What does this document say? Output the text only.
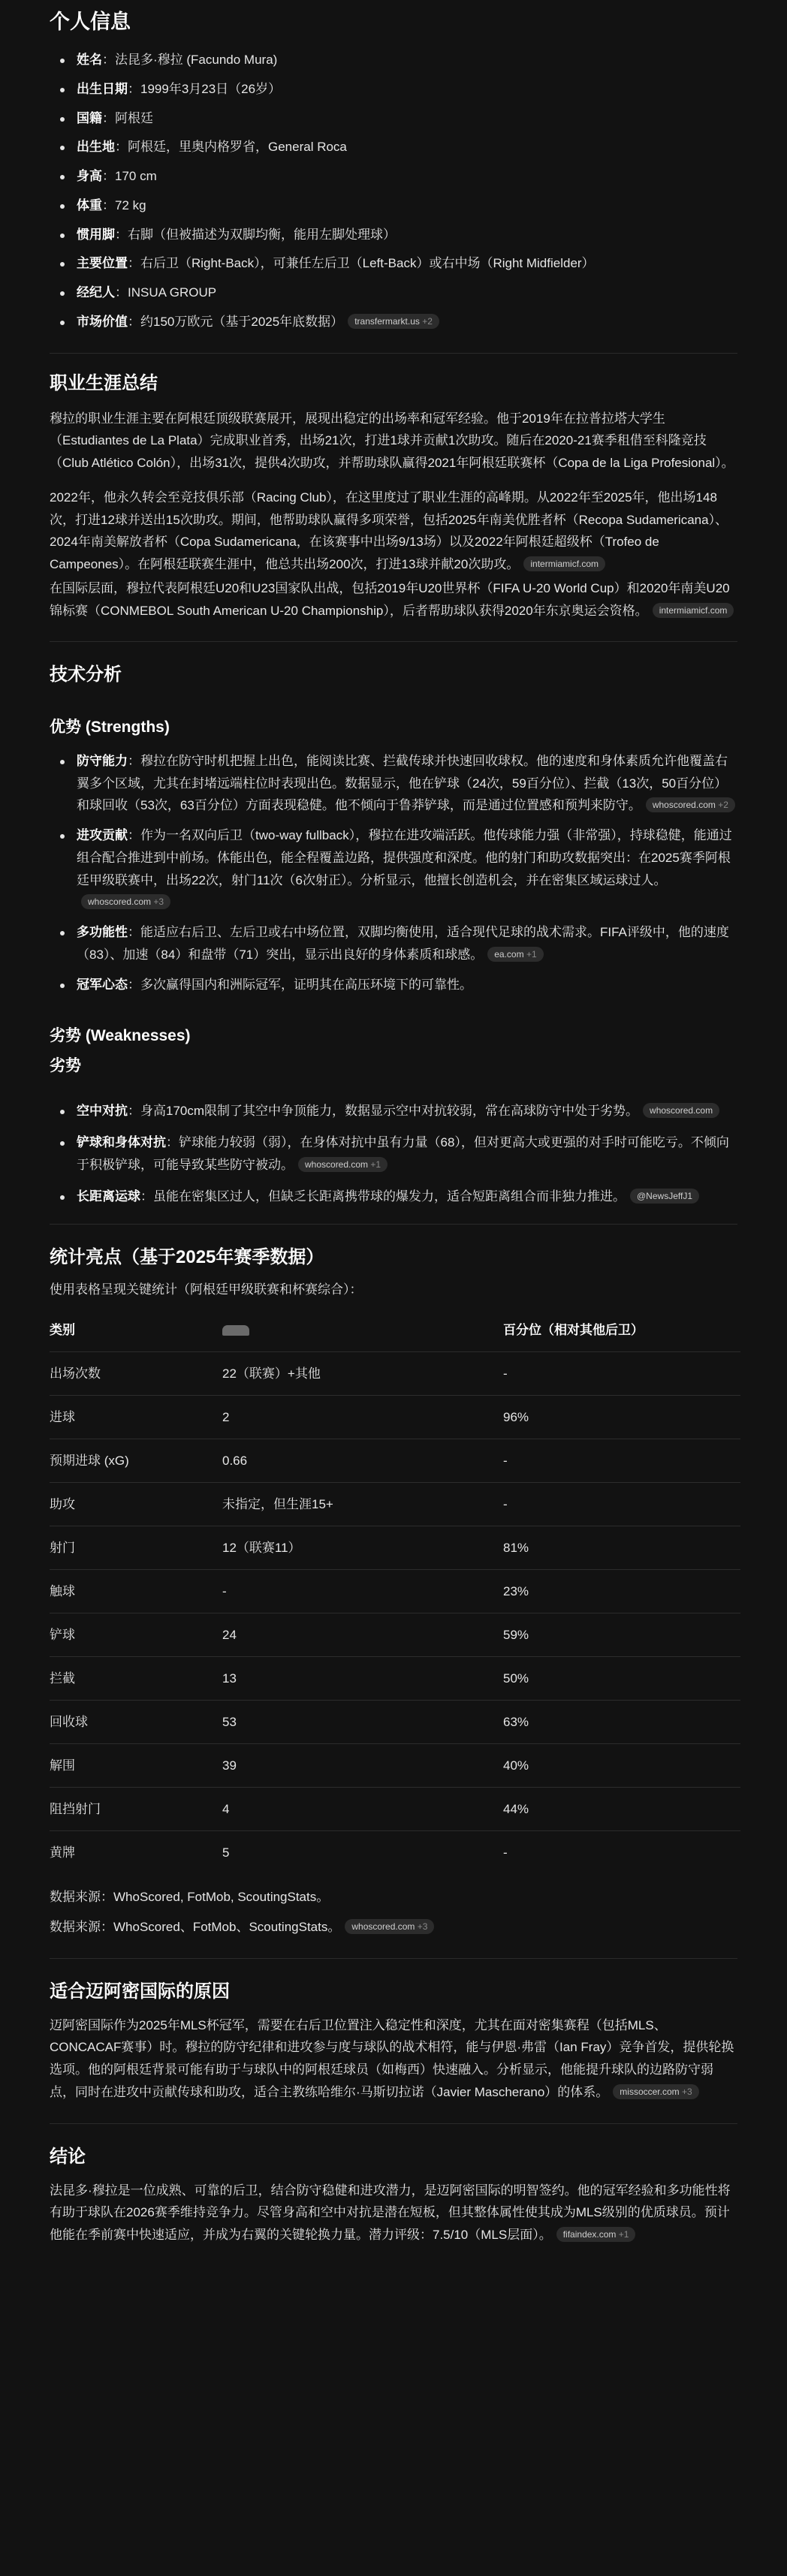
个人信息
姓名：法昆多·穆拉 (Facundo Mura)
出生日期：1999年3月23日（26岁）
国籍：阿根廷
出生地：阿根廷，里奥内格罗省，General Roca
身高：170 cm
体重：72 kg
惯用脚：右脚（但被描述为双脚均衡，能用左脚处理球）
主要位置：右后卫（Right-Back），可兼任左后卫（Left-Back）或右中场（Right Midfielder）
经纪人：INSUA GROUP
市场价值：约150万欧元（基于2025年底数据） transfermarkt.us +2
职业生涯总结

穆拉的职业生涯主要在阿根廷顶级联赛展开，展现出稳定的出场率和冠军经验。他于2019年在拉普拉塔大学生（Estudiantes de La Plata）完成职业首秀，出场21次，打进1球并贡献1次助攻。随后在2020-21赛季租借至科隆竞技（Club Atlético Colón），出场31次，提供4次助攻，并帮助球队赢得2021年阿根廷联赛杯（Copa de la Liga Profesional）。

2022年，他永久转会至竞技俱乐部（Racing Club），在这里度过了职业生涯的高峰期。从2022年至2025年，他出场148次，打进12球并送出15次助攻。期间，他帮助球队赢得多项荣誉，包括2025年南美优胜者杯（Recopa Sudamericana）、2024年南美解放者杯（Copa Sudamericana，在该赛事中出场9/13场）以及2022年阿根廷超级杯（Trofeo de Campeones）。在阿根廷联赛生涯中，他总共出场200次，打进13球并献20次助攻。 intermiamicf.com

在国际层面，穆拉代表阿根廷U20和U23国家队出战，包括2019年U20世界杯（FIFA U-20 World Cup）和2020年南美U20锦标赛（CONMEBOL South American U-20 Championship），后者帮助球队获得2020年东京奥运会资格。 intermiamicf.com

技术分析
优势 (Strengths)
防守能力：穆拉在防守时机把握上出色，能阅读比赛、拦截传球并快速回收球权。他的速度和身体素质允许他覆盖右翼多个区域，尤其在封堵远端柱位时表现出色。数据显示，他在铲球（24次，59百分位）、拦截（13次，50百分位）和球回收（53次，63百分位）方面表现稳健。他不倾向于鲁莽铲球，而是通过位置感和预判来防守。 whoscored.com +2
进攻贡献：作为一名双向后卫（two-way fullback），穆拉在进攻端活跃。他传球能力强（非常强），持球稳健，能通过组合配合推进到中前场。体能出色，能全程覆盖边路，提供强度和深度。他的射门和助攻数据突出：在2025赛季阿根廷甲级联赛中，出场22次，射门11次（6次射正）。分析显示，他擅长创造机会，并在密集区域运球过人。whoscored.com +3
多功能性：能适应右后卫、左后卫或右中场位置，双脚均衡使用，适合现代足球的战术需求。FIFA评级中，他的速度（83）、加速（84）和盘带（71）突出，显示出良好的身体素质和球感。 ea.com +1
冠军心态：多次赢得国内和洲际冠军，证明其在高压环境下的可靠性。
劣势 (Weaknesses)
劣势
空中对抗：身高170cm限制了其空中争顶能力，数据显示空中对抗较弱，常在高球防守中处于劣势。 whoscored.com
铲球和身体对抗：铲球能力较弱（弱），在身体对抗中虽有力量（68），但对更高大或更强的对手时可能吃亏。不倾向于积极铲球，可能导致某些防守被动。 whoscored.com +1
长距离运球：虽能在密集区过人，但缺乏长距离携带球的爆发力，适合短距离组合而非独力推进。 @NewsJeffJ1
统计亮点（基于2025年赛季数据）

使用表格呈现关键统计（阿根廷甲级联赛和杯赛综合）：

类别		百分位（相对其他后卫）
出场次数	22（联赛）+其他	-
进球	2	96%
预期进球 (xG)	0.66	-
助攻	未指定，但生涯15+	-
射门	12（联赛11）	81%
触球	-	23%
铲球	24	59%
拦截	13	50%
回收球	53	63%
解围	39	40%
阻挡射门	4	44%
黄牌	5	-

数据来源：WhoScored, FotMob, ScoutingStats。

数据来源：WhoScored、FotMob、ScoutingStats。 whoscored.com +3

适合迈阿密国际的原因

迈阿密国际作为2025年MLS杯冠军，需要在右后卫位置注入稳定性和深度，尤其在面对密集赛程（包括MLS、CONCACAF赛事）时。穆拉的防守纪律和进攻参与度与球队的战术相符，能与伊恩·弗雷（Ian Fray）竞争首发，提供轮换选项。他的阿根廷背景可能有助于与球队中的阿根廷球员（如梅西）快速融入。分析显示，他能提升球队的边路防守弱点，同时在进攻中贡献传球和助攻，适合主教练哈维尔·马斯切拉诺（Javier Mascherano）的体系。 missoccer.com +3

结论

法昆多·穆拉是一位成熟、可靠的后卫，结合防守稳健和进攻潜力，是迈阿密国际的明智签约。他的冠军经验和多功能性将有助于球队在2026赛季维持竞争力。尽管身高和空中对抗是潜在短板，但其整体属性使其成为MLS级别的优质球员。预计他能在季前赛中快速适应，并成为右翼的关键轮换力量。潜力评级：7.5/10（MLS层面）。 fifaindex.com +1
